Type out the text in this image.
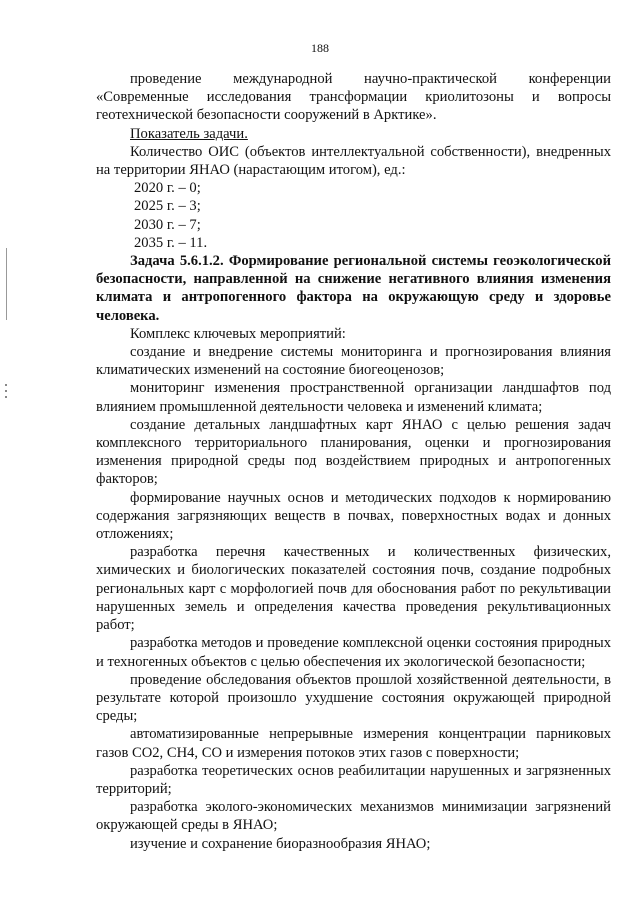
188

проведение международной научно-практической конференции «Современные исследования трансформации криолитозоны и вопросы геотехнической безопасности сооружений в Арктике».

Показатель задачи.

Количество ОИС (объектов интеллектуальной собственности), внедренных на территории ЯНАО (нарастающим итогом), ед.:

2020 г. – 0;
2025 г. – 3;
2030 г. – 7;
2035 г. – 11.

Задача 5.6.1.2. Формирование региональной системы геоэкологической безопасности, направленной на снижение негативного влияния изменения климата и антропогенного фактора на окружающую среду и здоровье человека.

Комплекс ключевых мероприятий:

создание и внедрение системы мониторинга и прогнозирования влияния климатических изменений на состояние биогеоценозов;

мониторинг изменения пространственной организации ландшафтов под влиянием промышленной деятельности человека и изменений климата;

создание детальных ландшафтных карт ЯНАО с целью решения задач комплексного территориального планирования, оценки и прогнозирования изменения природной среды под воздействием природных и антропогенных факторов;

формирование научных основ и методических подходов к нормированию содержания загрязняющих веществ в почвах, поверхностных водах и донных отложениях;

разработка перечня качественных и количественных физических, химических и биологических показателей состояния почв, создание подробных региональных карт с морфологией почв для обоснования работ по рекультивации нарушенных земель и определения качества проведения рекультивационных работ;

разработка методов и проведение комплексной оценки состояния природных и техногенных объектов с целью обеспечения их экологической безопасности;

проведение обследования объектов прошлой хозяйственной деятельности, в результате которой произошло ухудшение состояния окружающей природной среды;

автоматизированные непрерывные измерения концентрации парниковых газов СО2, СН4, СО и измерения потоков этих газов с поверхности;

разработка теоретических основ реабилитации нарушенных и загрязненных территорий;

разработка эколого-экономических механизмов минимизации загрязнений окружающей среды в ЯНАО;

изучение и сохранение биоразнообразия ЯНАО;
